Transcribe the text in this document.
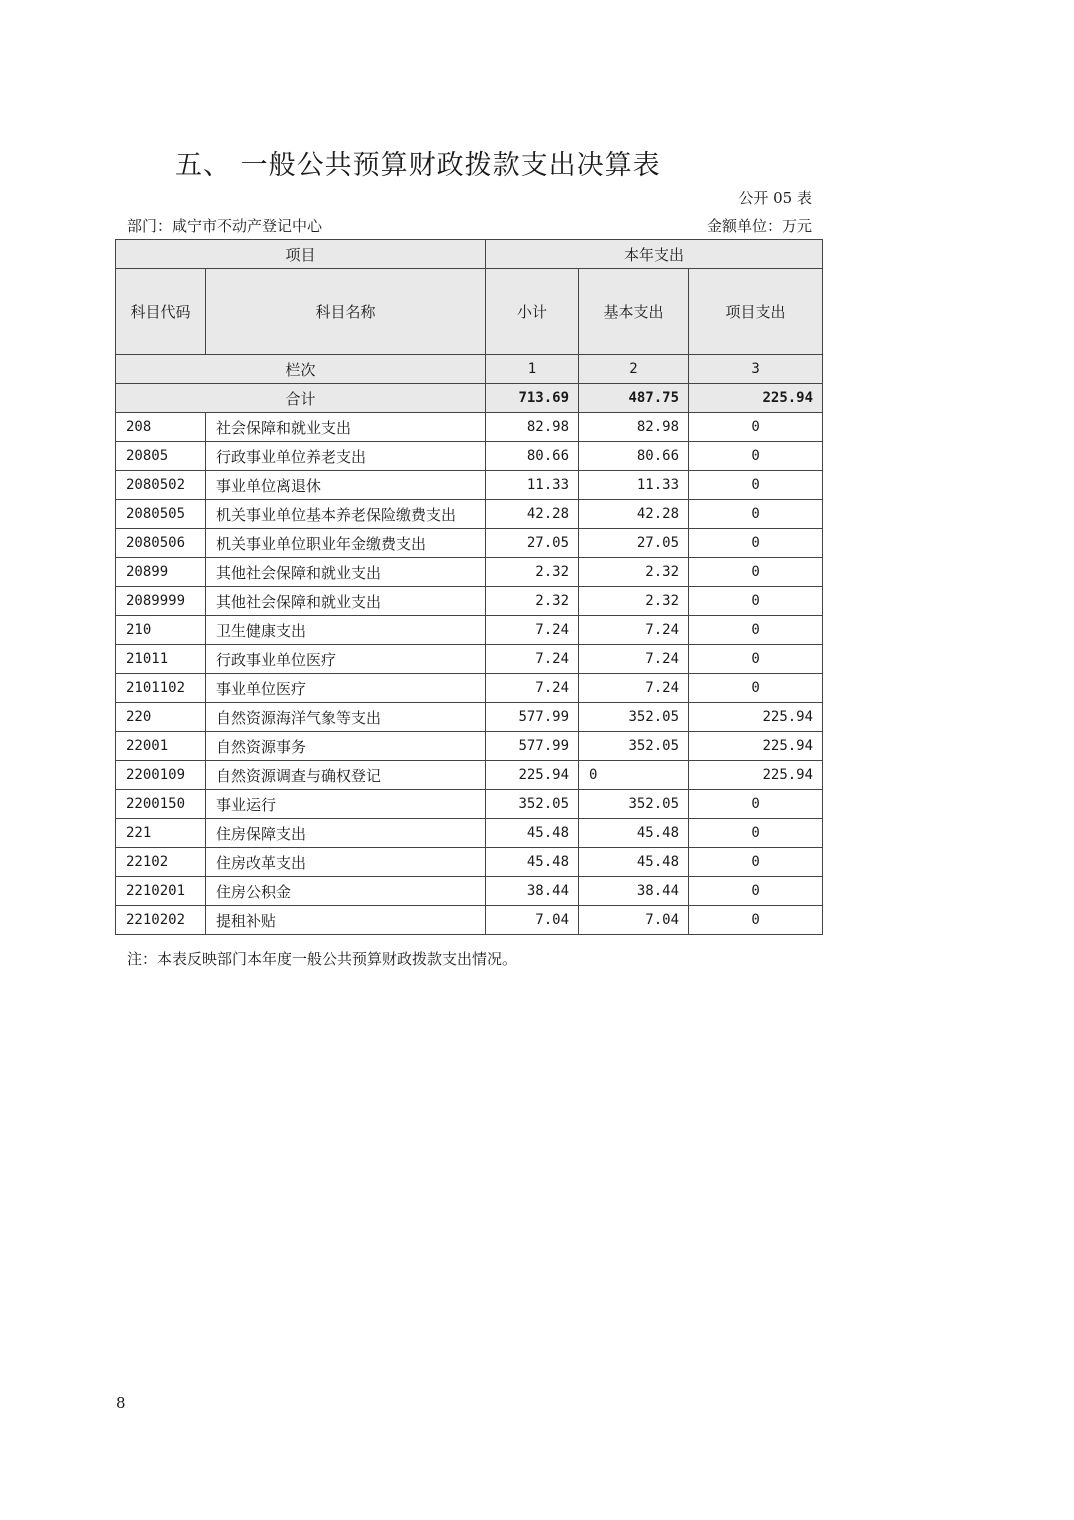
五、 一般公共预算财政拨款支出决算表
公开 05 表
部门：咸宁市不动产登记中心	金额单位：万元
项目		本年支出		
科目代码	科目名称	小计	基本支出	项目支出
栏次		1	2	3
合计		713.69	487.75	225.94
208	社会保障和就业支出	82.98	82.98	0
20805	行政事业单位养老支出	80.66	80.66	0
2080502	事业单位离退休	11.33	11.33	0
2080505	机关事业单位基本养老保险缴费支出	42.28	42.28	0
2080506	机关事业单位职业年金缴费支出	27.05	27.05	0
20899	其他社会保障和就业支出	2.32	2.32	0
2089999	其他社会保障和就业支出	2.32	2.32	0
210	卫生健康支出	7.24	7.24	0
21011	行政事业单位医疗	7.24	7.24	0
2101102	事业单位医疗	7.24	7.24	0
220	自然资源海洋气象等支出	577.99	352.05	225.94
22001	自然资源事务	577.99	352.05	225.94
2200109	自然资源调查与确权登记	225.94	0	225.94
2200150	事业运行	352.05	352.05	0
221	住房保障支出	45.48	45.48	0
22102	住房改革支出	45.48	45.48	0
2210201	住房公积金	38.44	38.44	0
2210202	提租补贴	7.04	7.04	0
注：本表反映部门本年度一般公共预算财政拨款支出情况。
8
